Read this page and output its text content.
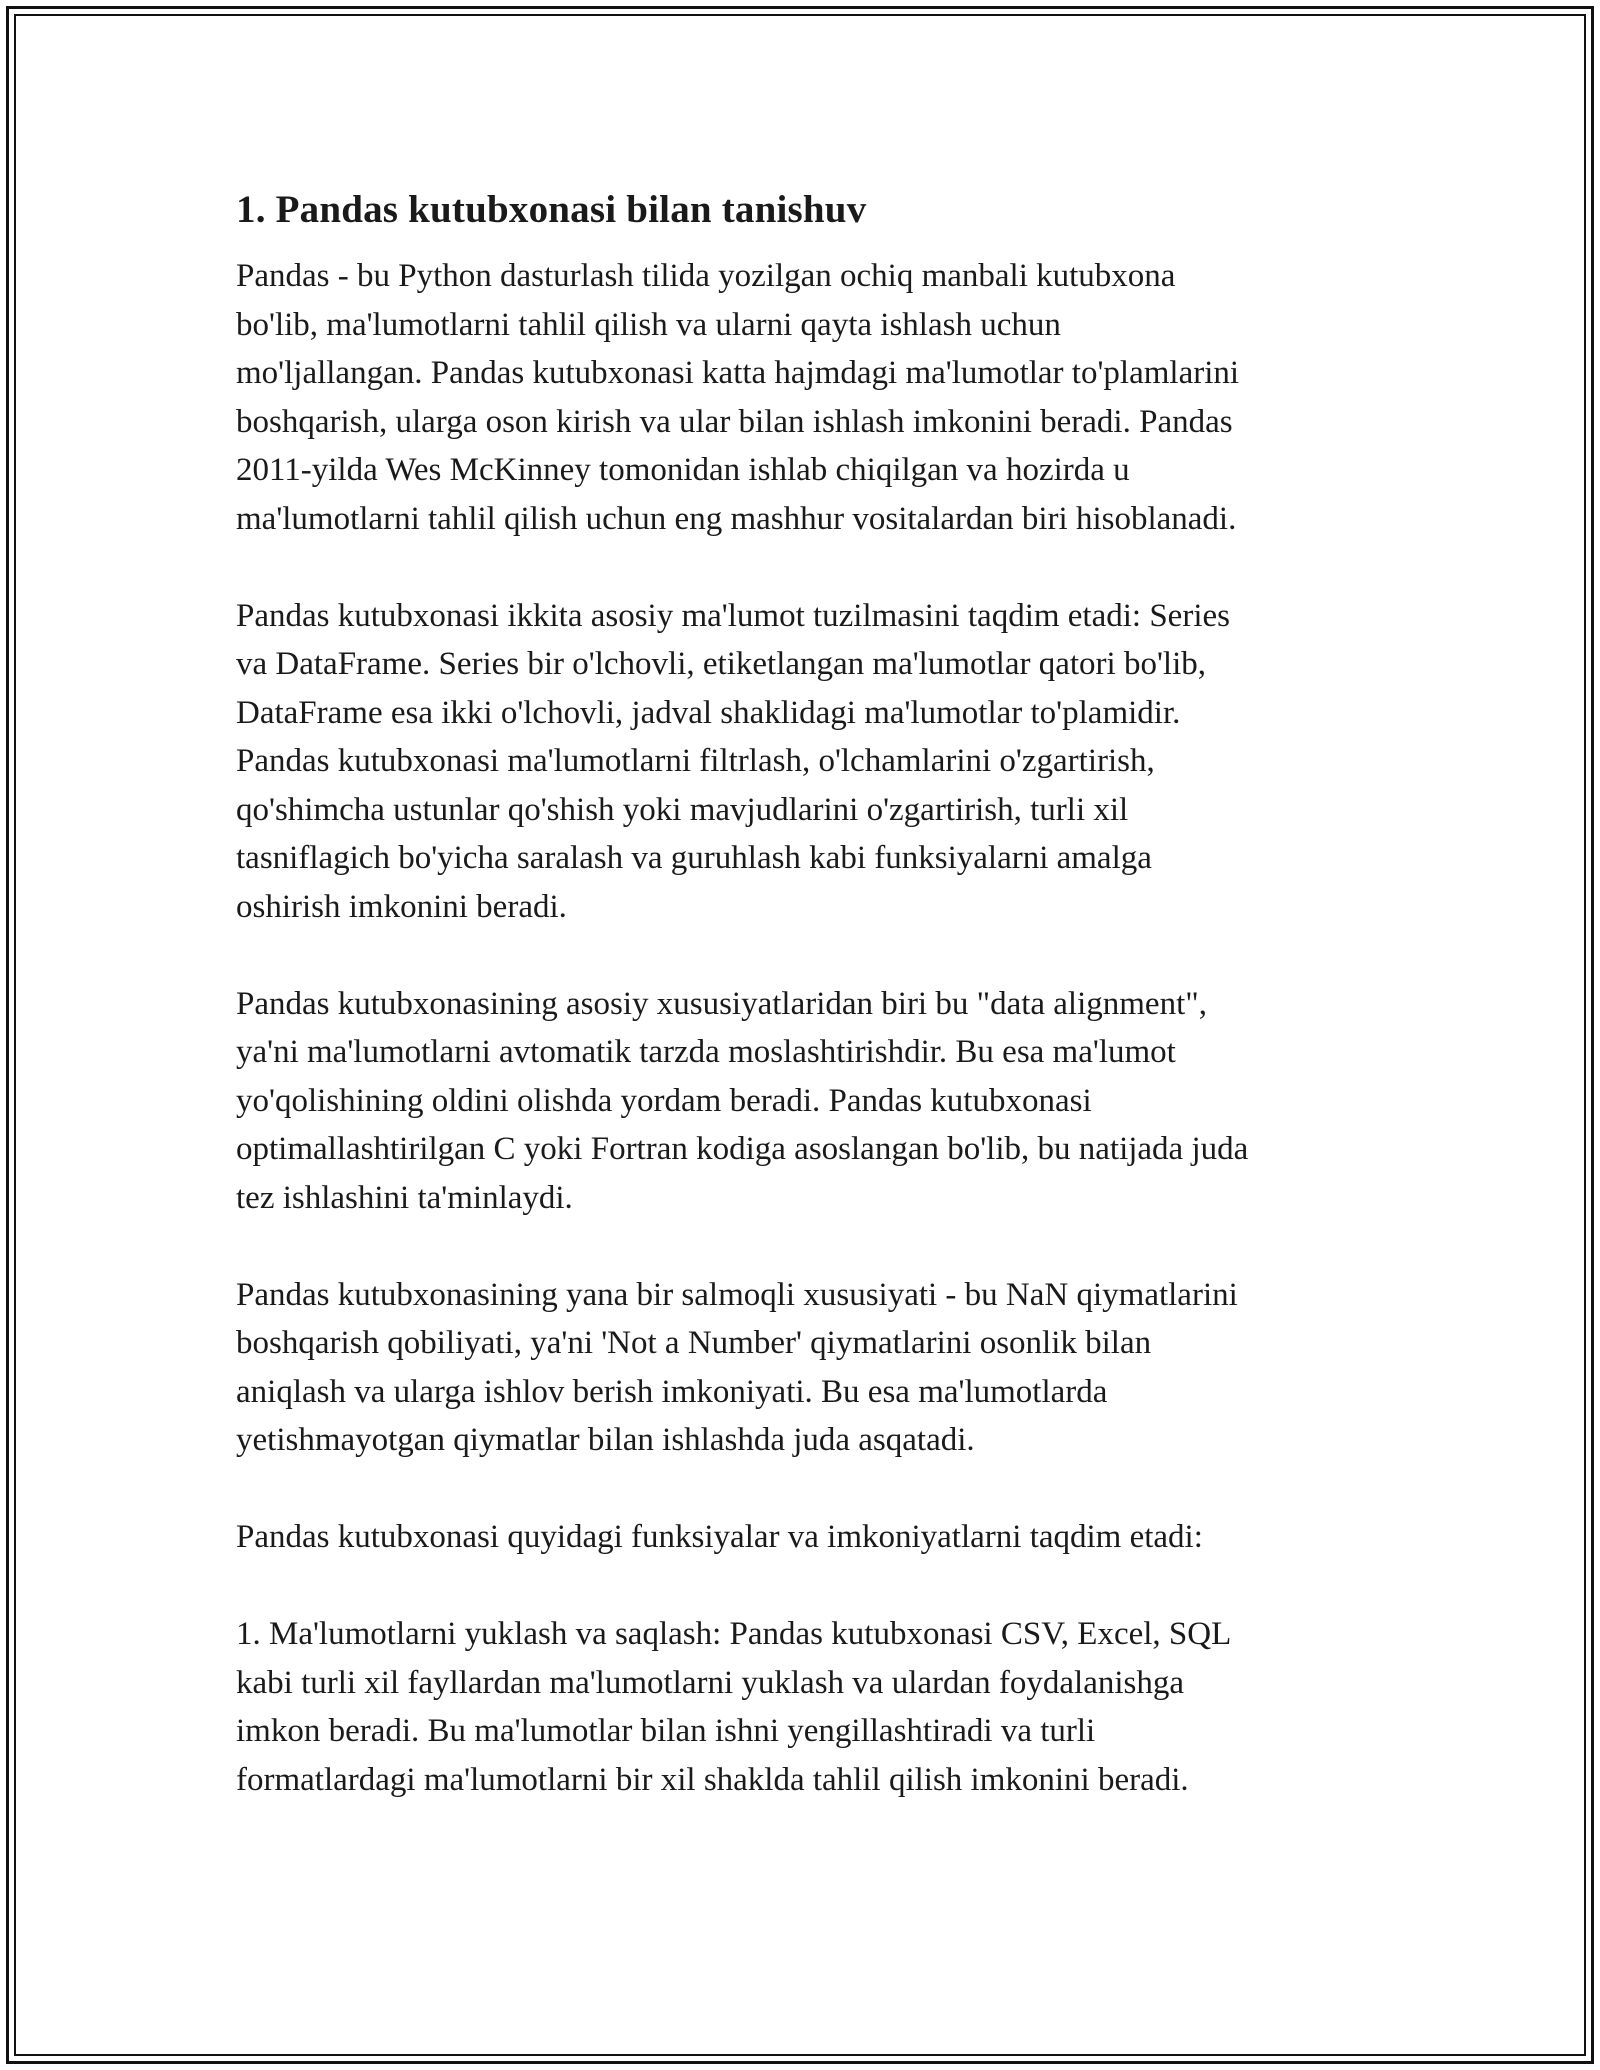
1. Pandas kutubxonasi bilan tanishuv

Pandas - bu Python dasturlash tilida yozilgan ochiq manbali kutubxona
bo'lib, ma'lumotlarni tahlil qilish va ularni qayta ishlash uchun
mo'ljallangan. Pandas kutubxonasi katta hajmdagi ma'lumotlar to'plamlarini
boshqarish, ularga oson kirish va ular bilan ishlash imkonini beradi. Pandas
2011-yilda Wes McKinney tomonidan ishlab chiqilgan va hozirda u
ma'lumotlarni tahlil qilish uchun eng mashhur vositalardan biri hisoblanadi.

Pandas kutubxonasi ikkita asosiy ma'lumot tuzilmasini taqdim etadi: Series
va DataFrame. Series bir o'lchovli, etiketlangan ma'lumotlar qatori bo'lib,
DataFrame esa ikki o'lchovli, jadval shaklidagi ma'lumotlar to'plamidir.
Pandas kutubxonasi ma'lumotlarni filtrlash, o'lchamlarini o'zgartirish,
qo'shimcha ustunlar qo'shish yoki mavjudlarini o'zgartirish, turli xil
tasniflagich bo'yicha saralash va guruhlash kabi funksiyalarni amalga
oshirish imkonini beradi.

Pandas kutubxonasining asosiy xususiyatlaridan biri bu "data alignment",
ya'ni ma'lumotlarni avtomatik tarzda moslashtirishdir. Bu esa ma'lumot
yo'qolishining oldini olishda yordam beradi. Pandas kutubxonasi
optimallashtirilgan C yoki Fortran kodiga asoslangan bo'lib, bu natijada juda
tez ishlashini ta'minlaydi.

Pandas kutubxonasining yana bir salmoqli xususiyati - bu NaN qiymatlarini
boshqarish qobiliyati, ya'ni 'Not a Number' qiymatlarini osonlik bilan
aniqlash va ularga ishlov berish imkoniyati. Bu esa ma'lumotlarda
yetishmayotgan qiymatlar bilan ishlashda juda asqatadi.

Pandas kutubxonasi quyidagi funksiyalar va imkoniyatlarni taqdim etadi:

1. Ma'lumotlarni yuklash va saqlash: Pandas kutubxonasi CSV, Excel, SQL
kabi turli xil fayllardan ma'lumotlarni yuklash va ulardan foydalanishga
imkon beradi. Bu ma'lumotlar bilan ishni yengillashtiradi va turli
formatlardagi ma'lumotlarni bir xil shaklda tahlil qilish imkonini beradi.
